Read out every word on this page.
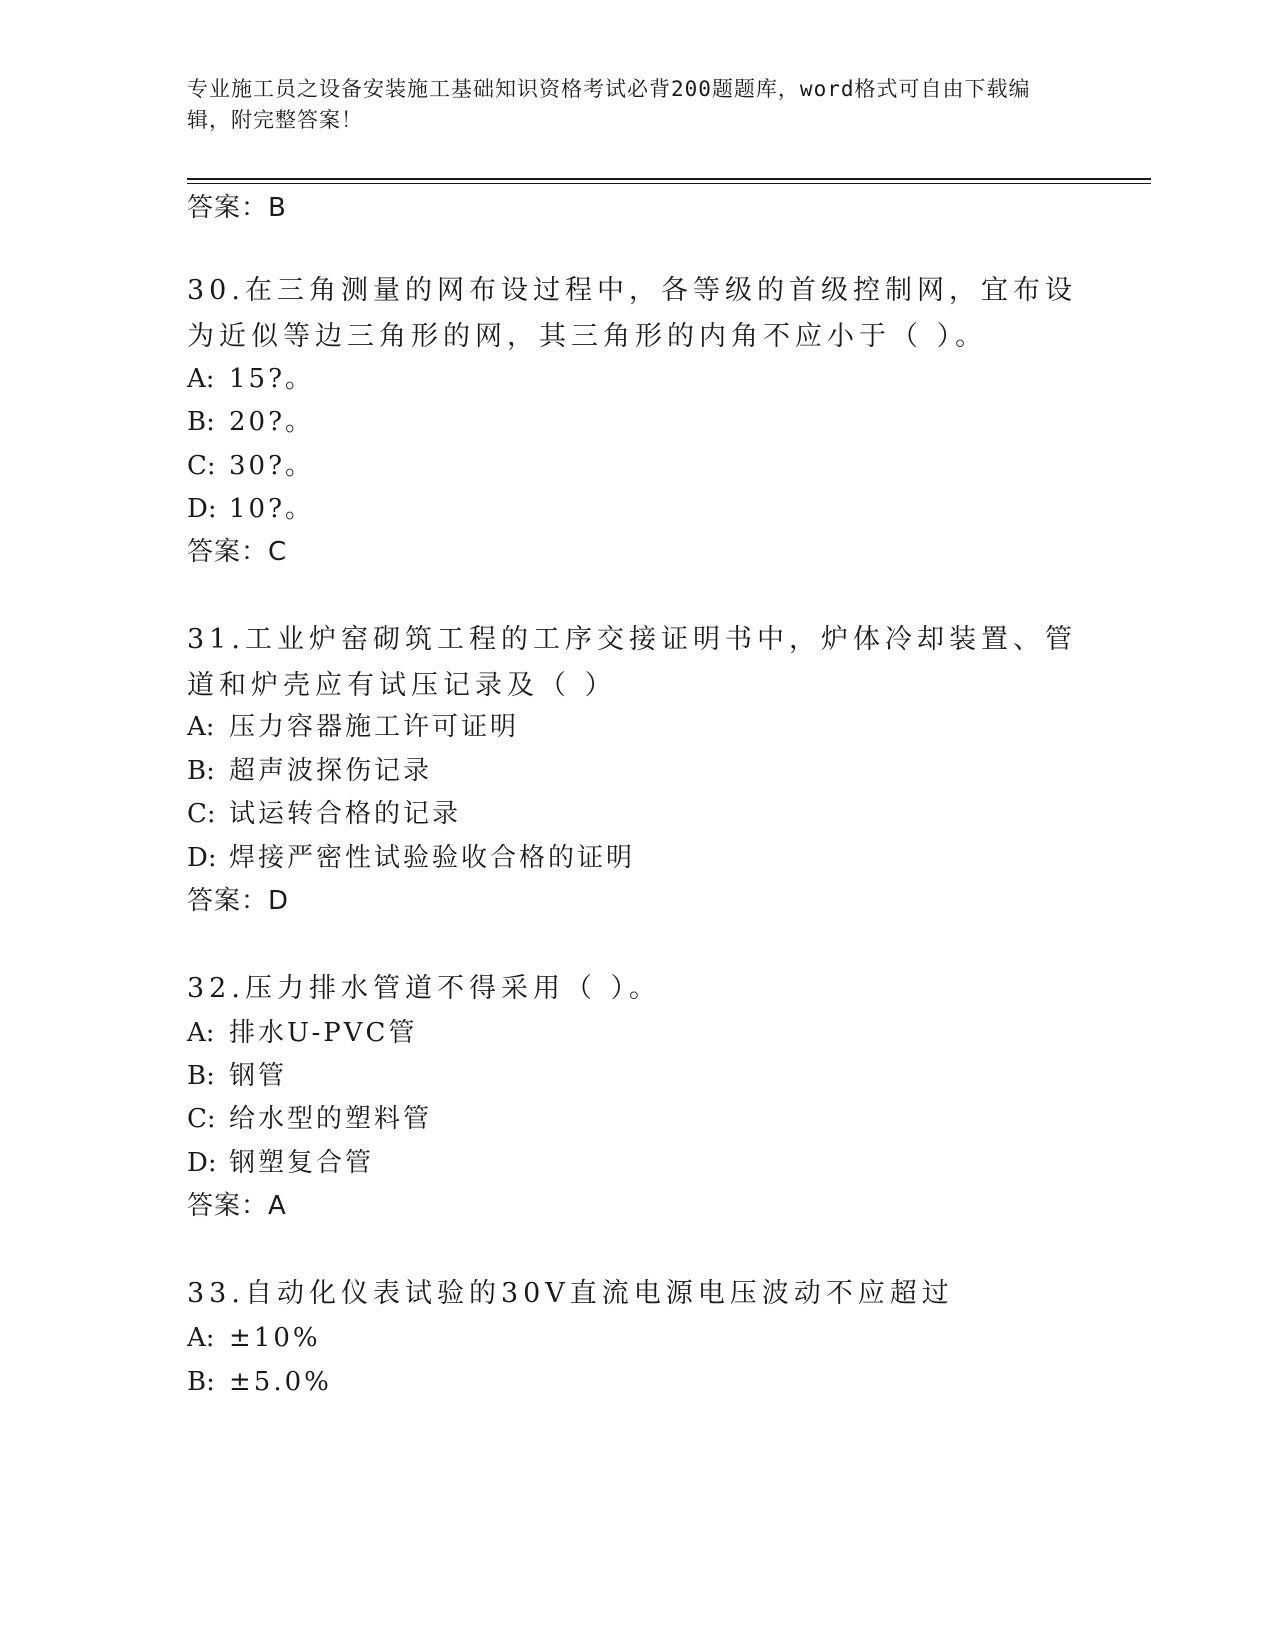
专业施工员之设备安装施工基础知识资格考试必背200题题库，word格式可自由下载编辑，附完整答案！
答案：B
30.在三角测量的网布设过程中，各等级的首级控制网，宜布设为近似等边三角形的网，其三角形的内角不应小于（ ）。
A: 15?。
B: 20?。
C: 30?。
D: 10?。
答案：C
31.工业炉窑砌筑工程的工序交接证明书中，炉体冷却装置、管道和炉壳应有试压记录及（ ）
A: 压力容器施工许可证明
B: 超声波探伤记录
C: 试运转合格的记录
D: 焊接严密性试验验收合格的证明
答案：D
32.压力排水管道不得采用（ ）。
A: 排水U-PVC管
B: 钢管
C: 给水型的塑料管
D: 钢塑复合管
答案：A
33.自动化仪表试验的30V直流电源电压波动不应超过
A: ±10%
B: ±5.0%
